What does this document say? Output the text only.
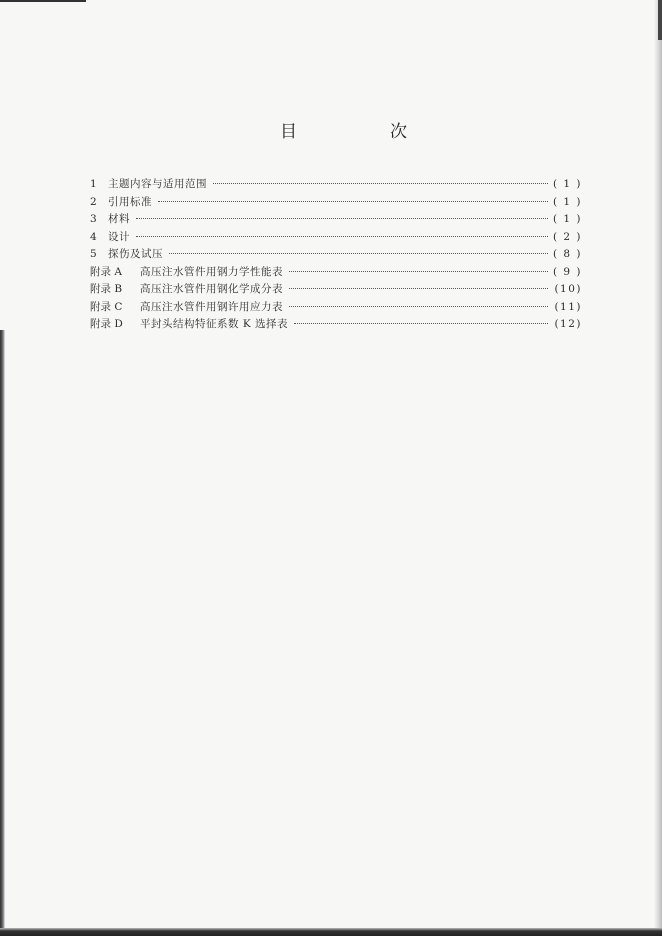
目　次
1	主题内容与适用范围	( 1 )
2	引用标准	( 1 )
3	材料	( 1 )
4	设计	( 2 )
5	探伤及试压	( 8 )
附录 A	高压注水管件用钢力学性能表	( 9 )
附录 B	高压注水管件用钢化学成分表	(10)
附录 C	高压注水管件用钢许用应力表	(11)
附录 D	平封头结构特征系数 K 选择表	(12)
